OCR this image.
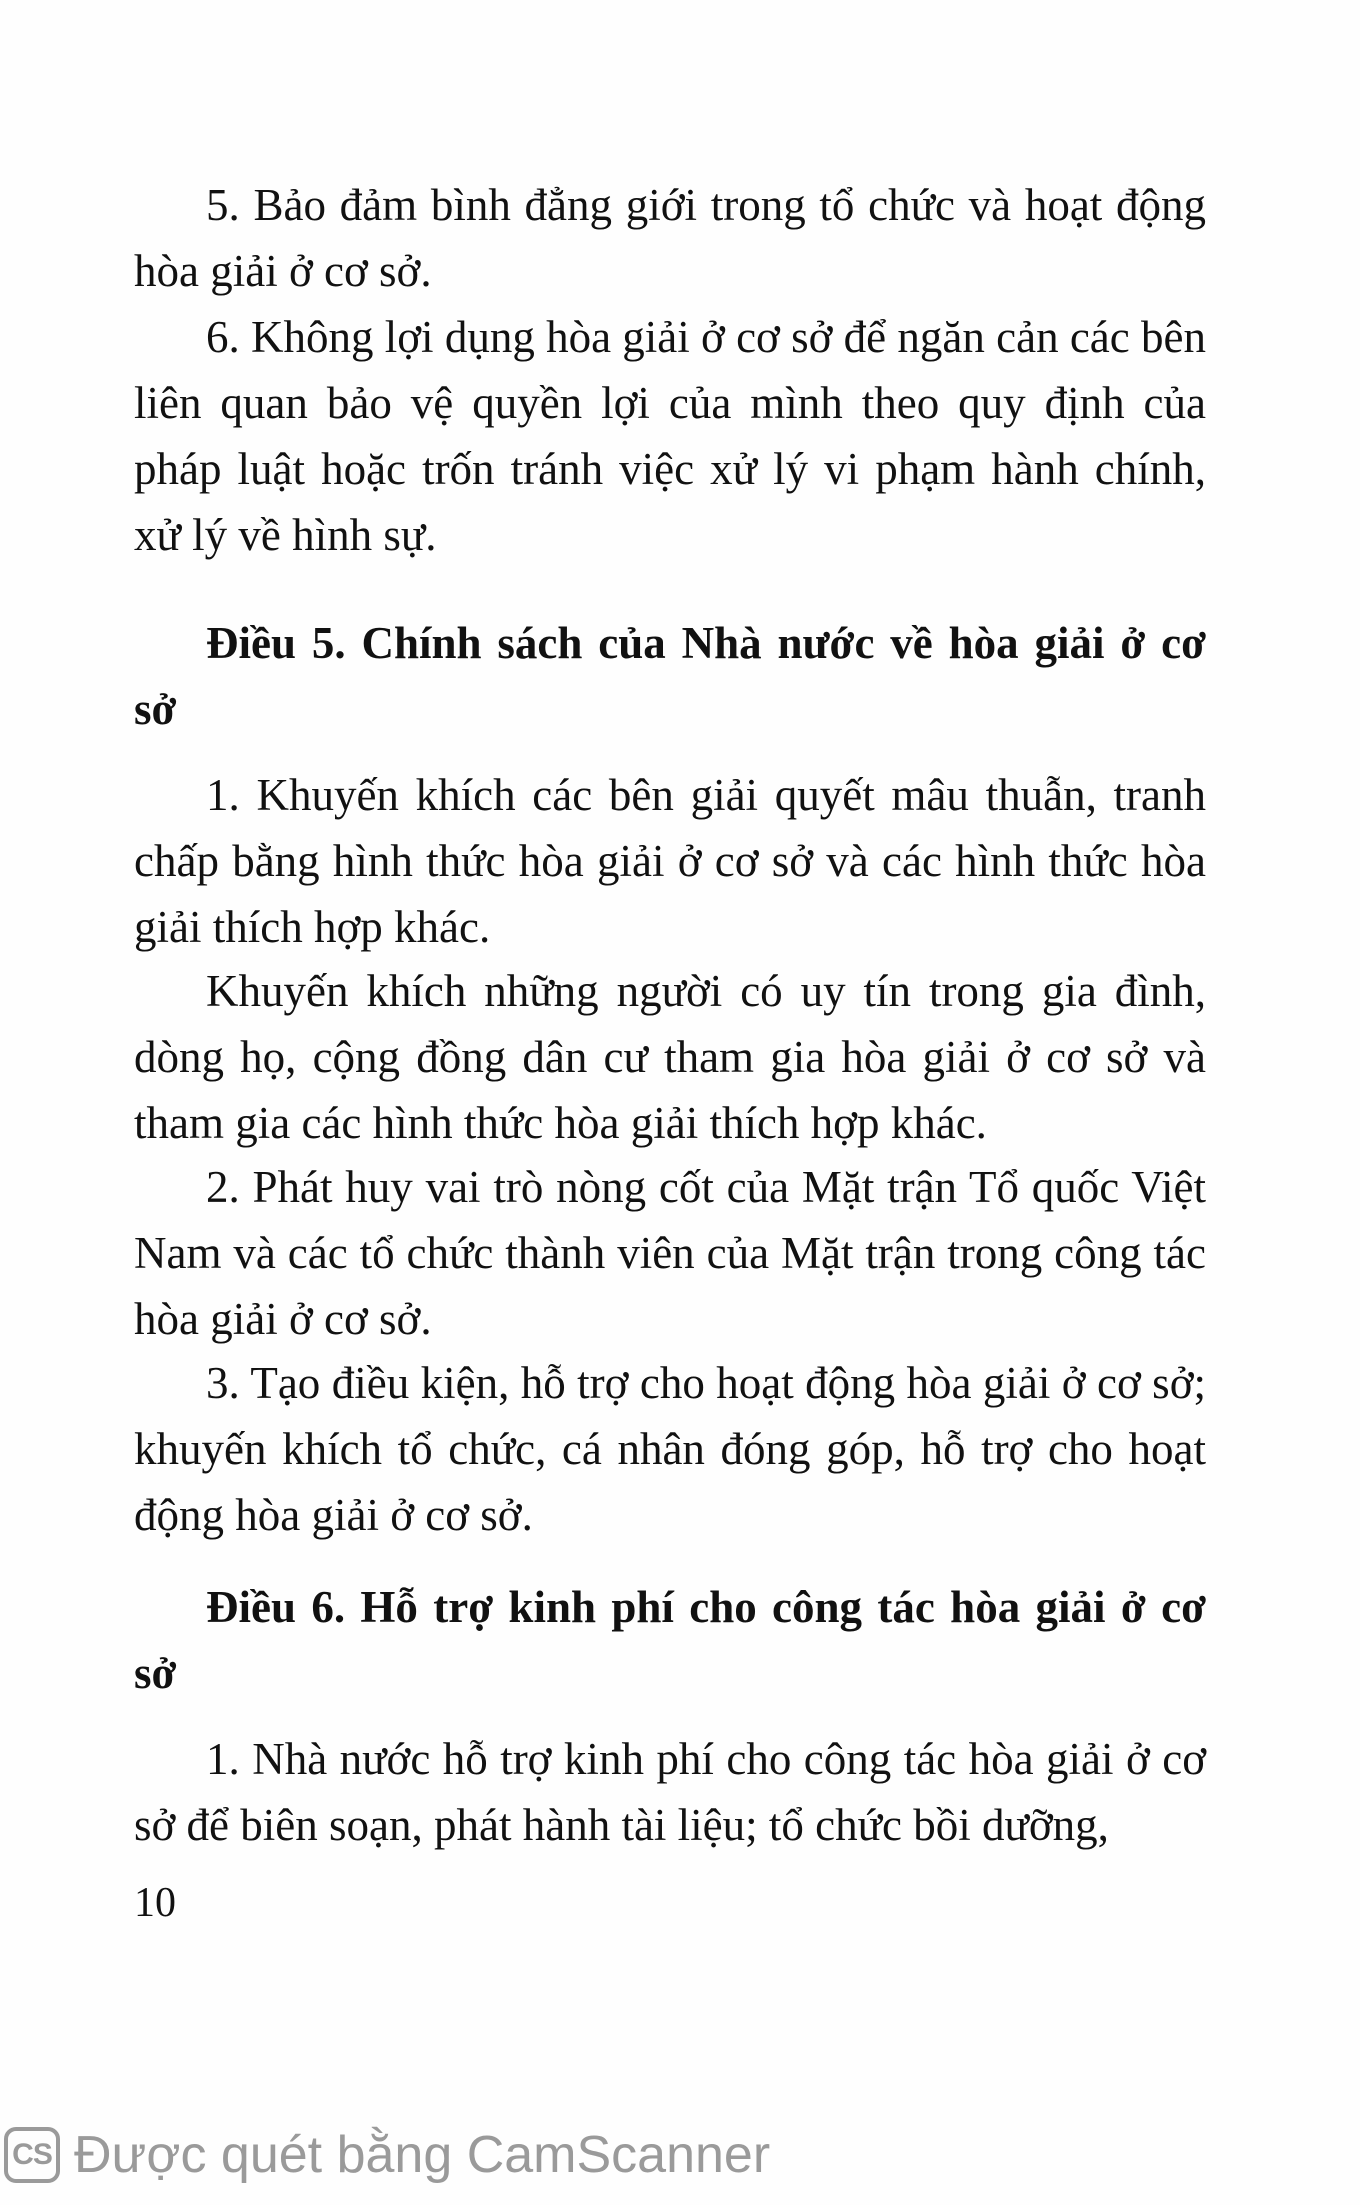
5. Bảo đảm bình đẳng giới trong tổ chức và hoạt động hòa giải ở cơ sở.

6. Không lợi dụng hòa giải ở cơ sở để ngăn cản các bên liên quan bảo vệ quyền lợi của mình theo quy định của pháp luật hoặc trốn tránh việc xử lý vi phạm hành chính, xử lý về hình sự.

Điều 5. Chính sách của Nhà nước về hòa giải ở cơ sở

1. Khuyến khích các bên giải quyết mâu thuẫn, tranh chấp bằng hình thức hòa giải ở cơ sở và các hình thức hòa giải thích hợp khác.

Khuyến khích những người có uy tín trong gia đình, dòng họ, cộng đồng dân cư tham gia hòa giải ở cơ sở và tham gia các hình thức hòa giải thích hợp khác.

2. Phát huy vai trò nòng cốt của Mặt trận Tổ quốc Việt Nam và các tổ chức thành viên của Mặt trận trong công tác hòa giải ở cơ sở.

3. Tạo điều kiện, hỗ trợ cho hoạt động hòa giải ở cơ sở; khuyến khích tổ chức, cá nhân đóng góp, hỗ trợ cho hoạt động hòa giải ở cơ sở.

Điều 6. Hỗ trợ kinh phí cho công tác hòa giải ở cơ sở

1. Nhà nước hỗ trợ kinh phí cho công tác hòa giải ở cơ sở để biên soạn, phát hành tài liệu; tổ chức bồi dưỡng,

10
CS Được quét bằng CamScanner
